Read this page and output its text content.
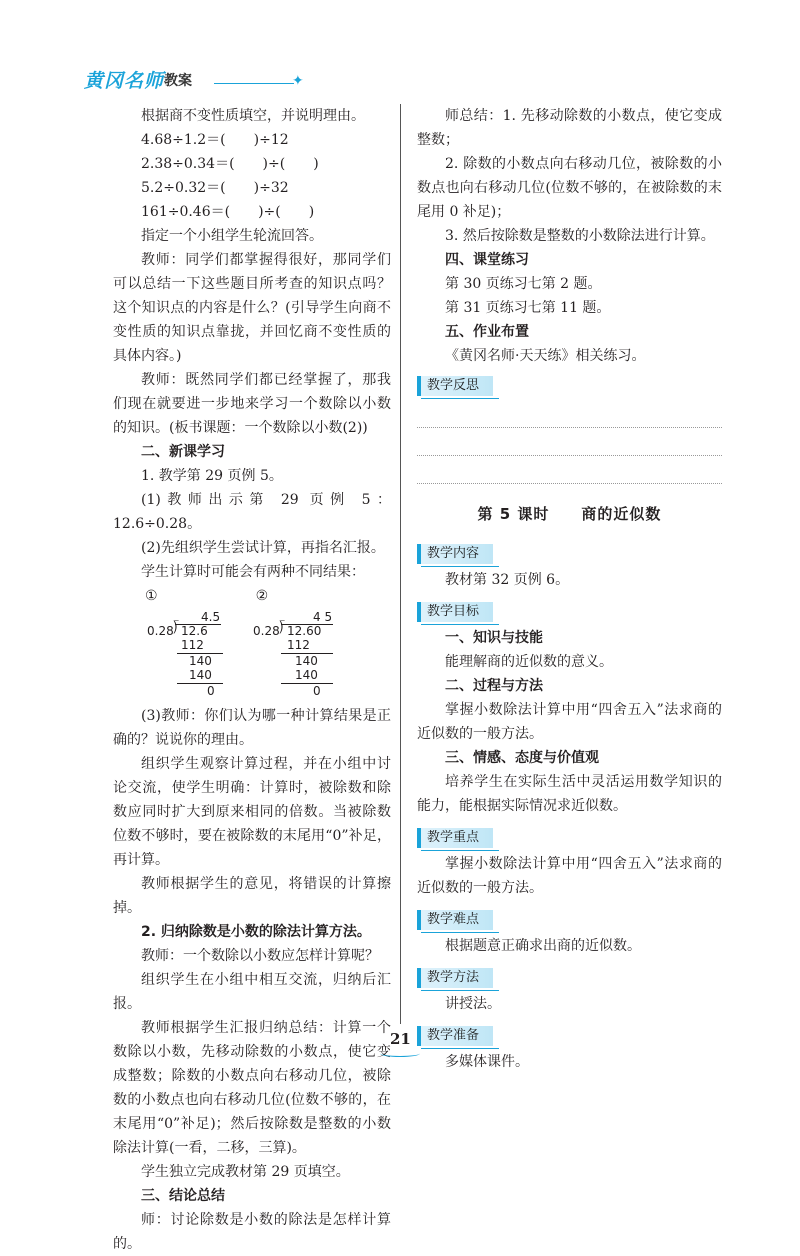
黄冈名师 教案	✦

根据商不变性质填空，并说明理由。

4.68÷1.2＝(　　)÷12

2.38÷0.34＝(　　)÷(　　)

5.2÷0.32＝(　　)÷32

161÷0.46＝(　　)÷(　　)

指定一个小组学生轮流回答。

教师：同学们都掌握得很好，那同学们可以总结一下这些题目所考查的知识点吗？这个知识点的内容是什么？(引导学生向商不变性质的知识点靠拢，并回忆商不变性质的具体内容。)

教师：既然同学们都已经掌握了，那我们现在就要进一步地来学习一个数除以小数的知识。(板书课题：一个数除以小数(2))

二、新课学习

1. 教学第 29 页例 5。

(1)教师出示第 29 页例 5：12.6÷0.28。

(2)先组织学生尝试计算，再指名汇报。

学生计算时可能会有两种不同结果：

①	②
4.5
0.28 ⟌ 12.6
112
140
140
0
4 5
0.28 ⟌ 12.60
112
140
140
0

(3)教师：你们认为哪一种计算结果是正确的？说说你的理由。

组织学生观察计算过程，并在小组中讨论交流，使学生明确：计算时，被除数和除数应同时扩大到原来相同的倍数。当被除数位数不够时，要在被除数的末尾用“0”补足，再计算。

教师根据学生的意见，将错误的计算擦掉。

2. 归纳除数是小数的除法计算方法。

教师：一个数除以小数应怎样计算呢？

组织学生在小组中相互交流，归纳后汇报。

教师根据学生汇报归纳总结：计算一个数除以小数，先移动除数的小数点，使它变成整数；除数的小数点向右移动几位，被除数的小数点也向右移动几位(位数不够的，在末尾用“0”补足)；然后按除数是整数的小数除法计算(一看，二移，三算)。

学生独立完成教材第 29 页填空。

三、结论总结

师：讨论除数是小数的除法是怎样计算的。

师总结：1. 先移动除数的小数点，使它变成整数；

2. 除数的小数点向右移动几位，被除数的小数点也向右移动几位(位数不够的，在被除数的末尾用 0 补足)；

3. 然后按除数是整数的小数除法进行计算。

四、课堂练习

第 30 页练习七第 2 题。

第 31 页练习七第 11 题。

五、作业布置

《黄冈名师·天天练》相关练习。

教学反思

第 5 课时　　商的近似数

教学内容

教材第 32 页例 6。

教学目标

一、知识与技能

能理解商的近似数的意义。

二、过程与方法

掌握小数除法计算中用“四舍五入”法求商的近似数的一般方法。

三、情感、态度与价值观

培养学生在实际生活中灵活运用数学知识的能力，能根据实际情况求近似数。

教学重点

掌握小数除法计算中用“四舍五入”法求商的近似数的一般方法。

教学难点

根据题意正确求出商的近似数。

教学方法

讲授法。

教学准备

多媒体课件。

21
